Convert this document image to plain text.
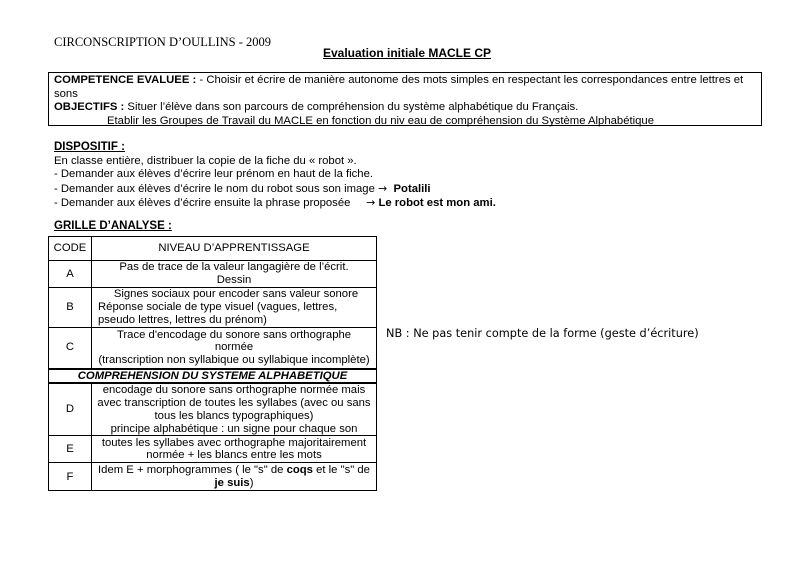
CIRCONSCRIPTION D’OULLINS - 2009
Evaluation initiale MACLE CP
COMPETENCE EVALUEE : - Choisir et écrire de manière autonome des mots simples en respectant les correspondances entre lettres et sons
OBJECTIFS : Situer l’élève dans son parcours de compréhension du système alphabétique du Français.
Etablir les Groupes de Travail du MACLE en fonction du niv eau de compréhension du Système Alphabétique
DISPOSITIF :
En classe entière, distribuer la copie de la fiche du « robot ».
- Demander aux élèves d’écrire leur prénom en haut de la fiche.
- Demander aux élèves d’écrire le nom du robot sous son image → Potalili
- Demander aux élèves d’écrire ensuite la phrase proposée → Le robot est mon ami.
GRILLE D’ANALYSE :
CODE	NIVEAU D’APPRENTISSAGE
A	Pas de trace de la valeur langagière de l’écrit.
Dessin

B	Signes sociaux pour encoder sans valeur sonore
Réponse sociale de type visuel (vagues, lettres,
pseudo lettres, lettres du prénom)

C	Trace d'encodage du sonore sans orthographe
normée
(transcription non syllabique ou syllabique incomplète)

COMPREHENSION DU SYSTEME ALPHABETIQUE	
D	encodage du sonore sans orthographe normée mais
avec transcription de toutes les syllabes (avec ou sans
tous les blancs typographiques)
principe alphabétique : un signe pour chaque son

E	toutes les syllabes avec orthographe majoritairement
normée + les blancs entre les mots

F	Idem E + morphogrammes ( le "s" de coqs et le "s" de
je suis)
NB : Ne pas tenir compte de la forme (geste d’écriture)
